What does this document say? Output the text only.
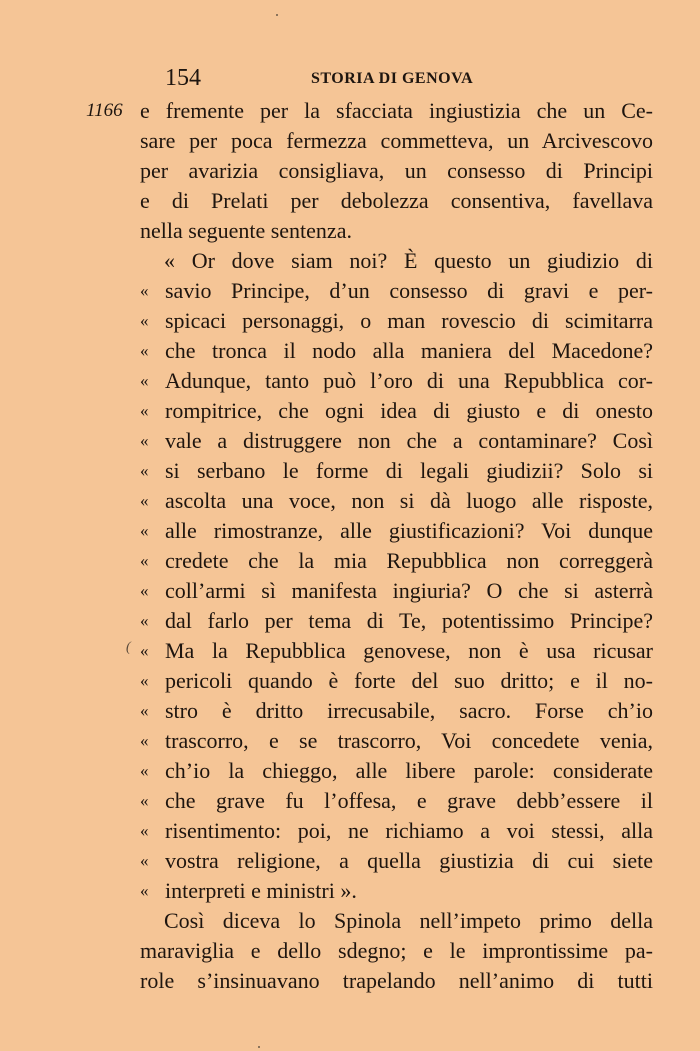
154	STORIA DI GENOVA
1166
(
e fremente per la sfacciata ingiustizia che un Ce-
sare per poca fermezza commetteva, un Arcivescovo
per avarizia consigliava, un consesso di Principi
e di Prelati per debolezza consentiva, favellava
nella seguente sentenza.
« Or dove siam noi? È questo un giudizio di
« savio Principe, d’un consesso di gravi e per-
« spicaci personaggi, o man rovescio di scimitarra
« che tronca il nodo alla maniera del Macedone?
« Adunque, tanto può l’oro di una Repubblica cor-
« rompitrice, che ogni idea di giusto e di onesto
« vale a distruggere non che a contaminare? Così
« si serbano le forme di legali giudizii? Solo si
« ascolta una voce, non si dà luogo alle risposte,
« alle rimostranze, alle giustificazioni? Voi dunque
« credete che la mia Repubblica non correggerà
« coll’armi sì manifesta ingiuria? O che si asterrà
« dal farlo per tema di Te, potentissimo Principe?
« Ma la Repubblica genovese, non è usa ricusar
« pericoli quando è forte del suo dritto; e il no-
« stro è dritto irrecusabile, sacro. Forse ch’io
« trascorro, e se trascorro, Voi concedete venia,
« ch’io la chieggo, alle libere parole: considerate
« che grave fu l’offesa, e grave debb’essere il
« risentimento: poi, ne richiamo a voi stessi, alla
« vostra religione, a quella giustizia di cui siete
« interpreti e ministri ».
Così diceva lo Spinola nell’impeto primo della
maraviglia e dello sdegno; e le improntissime pa-
role s’insinuavano trapelando nell’animo di tutti
